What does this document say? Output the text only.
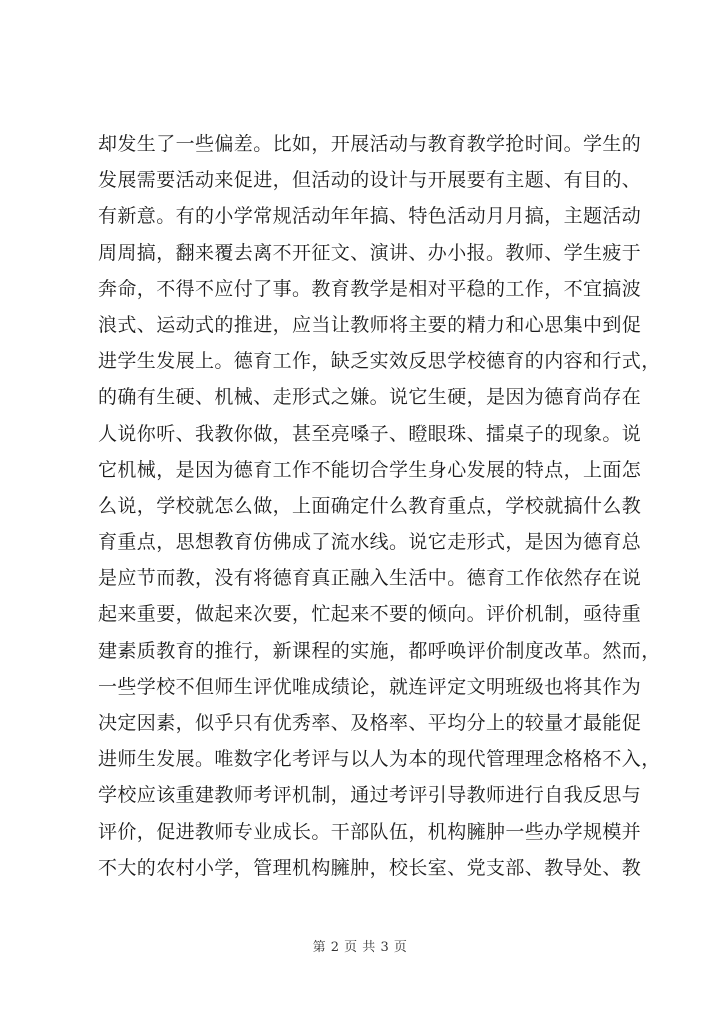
却发生了一些偏差。比如，开展活动与教育教学抢时间。学生的
发展需要活动来促进，但活动的设计与开展要有主题、有目的、
有新意。有的小学常规活动年年搞、特色活动月月搞，主题活动
周周搞，翻来覆去离不开征文、演讲、办小报。教师、学生疲于
奔命，不得不应付了事。教育教学是相对平稳的工作，不宜搞波
浪式、运动式的推进，应当让教师将主要的精力和心思集中到促
进学生发展上。德育工作，缺乏实效反思学校德育的内容和行式，
的确有生硬、机械、走形式之嫌。说它生硬，是因为德育尚存在
人说你听、我教你做，甚至亮嗓子、瞪眼珠、擂桌子的现象。说
它机械，是因为德育工作不能切合学生身心发展的特点，上面怎
么说，学校就怎么做，上面确定什么教育重点，学校就搞什么教
育重点，思想教育仿佛成了流水线。说它走形式，是因为德育总
是应节而教，没有将德育真正融入生活中。德育工作依然存在说
起来重要，做起来次要，忙起来不要的倾向。评价机制，亟待重
建素质教育的推行，新课程的实施，都呼唤评价制度改革。然而，
一些学校不但师生评优唯成绩论，就连评定文明班级也将其作为
决定因素，似乎只有优秀率、及格率、平均分上的较量才最能促
进师生发展。唯数字化考评与以人为本的现代管理理念格格不入，
学校应该重建教师考评机制，通过考评引导教师进行自我反思与
评价，促进教师专业成长。干部队伍，机构臃肿一些办学规模并
不大的农村小学，管理机构臃肿，校长室、党支部、教导处、教
第 2 页 共 3 页
